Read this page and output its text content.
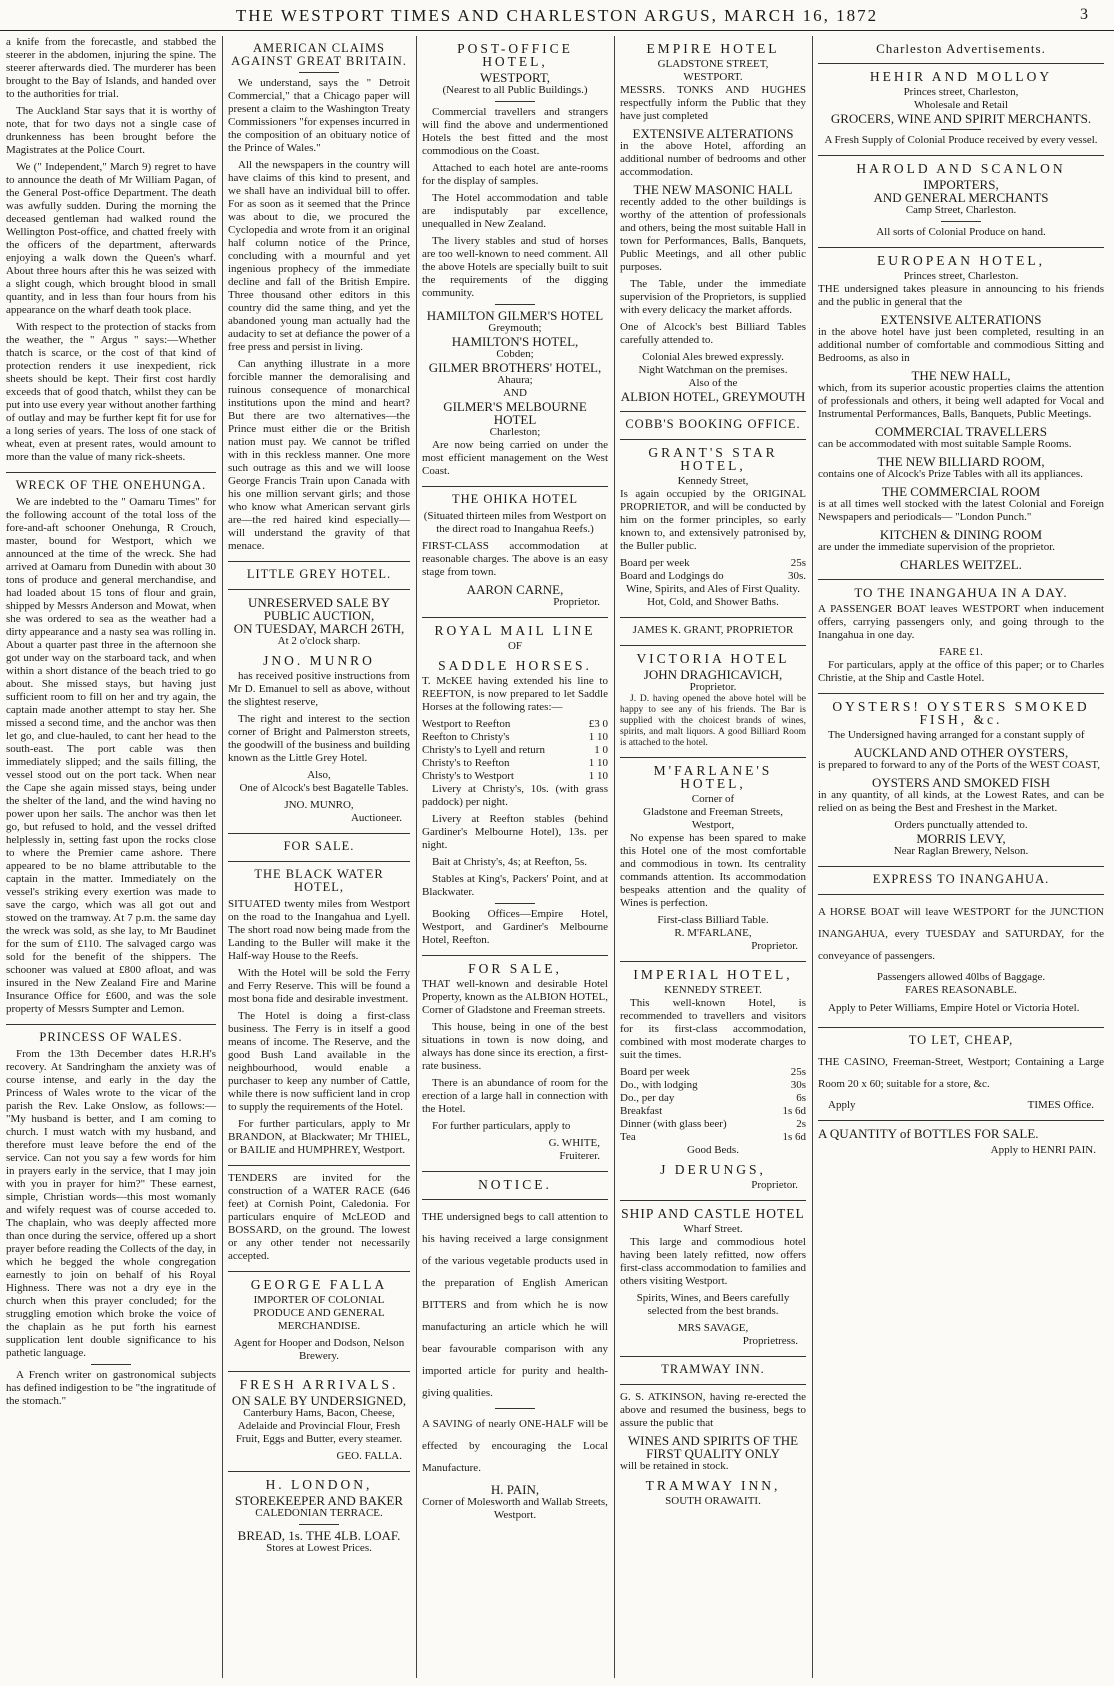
THE WESTPORT TIMES AND CHARLESTON ARGUS, MARCH 16, 1872	3

a knife from the forecastle, and stabbed the steerer in the abdomen, injuring the spine. The steerer afterwards died. The murderer has been brought to the Bay of Islands, and handed over to the authorities for trial.

The Auckland Star says that it is worthy of note, that for two days not a single case of drunkenness has been brought before the Magistrates at the Police Court.

We (" Independent," March 9) regret to have to announce the death of Mr William Pagan, of the General Post-office Department. The death was awfully sudden. During the morning the deceased gentleman had walked round the Wellington Post-office, and chatted freely with the officers of the department, afterwards enjoying a walk down the Queen's wharf. About three hours after this he was seized with a slight cough, which brought blood in small quantity, and in less than four hours from his appearance on the wharf death took place.

With respect to the protection of stacks from the weather, the " Argus " says:—Whether thatch is scarce, or the cost of that kind of protection renders it use inexpedient, rick sheets should be kept. Their first cost hardly exceeds that of good thatch, whilst they can be put into use every year without another farthing of outlay and may be further kept fit for use for a long series of years. The loss of one stack of wheat, even at present rates, would amount to more than the value of many rick-sheets.

WRECK OF THE ONEHUNGA.

We are indebted to the " Oamaru Times" for the following account of the total loss of the fore-and-aft schooner Onehunga, R Crouch, master, bound for Westport, which we announced at the time of the wreck. She had arrived at Oamaru from Dunedin with about 30 tons of produce and general merchandise, and had loaded about 15 tons of flour and grain, shipped by Messrs Anderson and Mowat, when she was ordered to sea as the weather had a dirty appearance and a nasty sea was rolling in. About a quarter past three in the afternoon she got under way on the starboard tack, and when within a short distance of the beach tried to go about. She missed stays, but having just sufficient room to fill on her and try again, the captain made another attempt to stay her. She missed a second time, and the anchor was then let go, and clue-hauled, to cant her head to the south-east. The port cable was then immediately slipped; and the sails filling, the vessel stood out on the port tack. When near the Cape she again missed stays, being under the shelter of the land, and the wind having no power upon her sails. The anchor was then let go, but refused to hold, and the vessel drifted helplessly in, setting fast upon the rocks close to where the Premier came ashore. There appeared to be no blame attributable to the captain in the matter. Immediately on the vessel's striking every exertion was made to save the cargo, which was all got out and stowed on the tramway. At 7 p.m. the same day the wreck was sold, as she lay, to Mr Baudinet for the sum of £110. The salvaged cargo was sold for the benefit of the shippers. The schooner was valued at £800 afloat, and was insured in the New Zealand Fire and Marine Insurance Office for £600, and was the sole property of Messrs Sumpter and Lemon.

PRINCESS OF WALES.

From the 13th December dates H.R.H's recovery. At Sandringham the anxiety was of course intense, and early in the day the Princess of Wales wrote to the vicar of the parish the Rev. Lake Onslow, as follows:— "My husband is better, and I am coming to church. I must watch with my husband, and therefore must leave before the end of the service. Can not you say a few words for him in prayers early in the service, that I may join with you in prayer for him?" These earnest, simple, Christian words—this most womanly and wifely request was of course acceded to. The chaplain, who was deeply affected more than once during the service, offered up a short prayer before reading the Collects of the day, in which he begged the whole congregation earnestly to join on behalf of his Royal Highness. There was not a dry eye in the church when this prayer concluded; for the struggling emotion which broke the voice of the chaplain as he put forth his earnest supplication lent double significance to his pathetic language.

A French writer on gastronomical subjects has defined indigestion to be "the ingratitude of the stomach."

AMERICAN CLAIMS AGAINST GREAT BRITAIN.

We understand, says the " Detroit Commercial," that a Chicago paper will present a claim to the Washington Treaty Commissioners "for expenses incurred in the composition of an obituary notice of the Prince of Wales."

All the newspapers in the country will have claims of this kind to present, and we shall have an individual bill to offer. For as soon as it seemed that the Prince was about to die, we procured the Cyclopedia and wrote from it an original half column notice of the Prince, concluding with a mournful and yet ingenious prophecy of the immediate decline and fall of the British Empire. Three thousand other editors in this country did the same thing, and yet the abandoned young man actually had the audacity to set at defiance the power of a free press and persist in living.

Can anything illustrate in a more forcible manner the demoralising and ruinous consequence of monarchical institutions upon the mind and heart? But there are two alternatives—the Prince must either die or the British nation must pay. We cannot be trifled with in this reckless manner. One more such outrage as this and we will loose George Francis Train upon Canada with his one million servant girls; and those who know what American servant girls are—the red haired kind especially—will understand the gravity of that menace.

LITTLE GREY HOTEL.
UNRESERVED SALE BY PUBLIC AUCTION,
ON TUESDAY, MARCH 26TH,
At 2 o'clock sharp.
JNO. MUNRO

has received positive instructions from Mr D. Emanuel to sell as above, without the slightest reserve,

The right and interest to the section corner of Bright and Palmerston streets, the goodwill of the business and building known as the Little Grey Hotel.

Also,

One of Alcock's best Bagatelle Tables.

JNO. MUNRO,
Auctioneer.
FOR SALE.
THE BLACK WATER HOTEL,

SITUATED twenty miles from Westport on the road to the Inangahua and Lyell. The short road now being made from the Landing to the Buller will make it the Half-way House to the Reefs.

With the Hotel will be sold the Ferry and Ferry Reserve. This will be found a most bona fide and desirable investment.

The Hotel is doing a first-class business. The Ferry is in itself a good means of income. The Reserve, and the good Bush Land available in the neighbourhood, would enable a purchaser to keep any number of Cattle, while there is now sufficient land in crop to supply the requirements of the Hotel.

For further particulars, apply to Mr BRANDON, at Blackwater; Mr THIEL, or BAILIE and HUMPHREY, Westport.

TENDERS are invited for the construction of a WATER RACE (646 feet) at Cornish Point, Caledonia. For particulars enquire of McLEOD and BOSSARD, on the ground. The lowest or any other tender not necessarily accepted.

GEORGE FALLA

IMPORTER OF COLONIAL PRODUCE AND GENERAL MERCHANDISE.

Agent for Hooper and Dodson, Nelson Brewery.

FRESH ARRIVALS.
ON SALE BY UNDERSIGNED,

Canterbury Hams, Bacon, Cheese, Adelaide and Provincial Flour, Fresh Fruit, Eggs and Butter, every steamer.

GEO. FALLA.
H. LONDON,
STOREKEEPER AND BAKER
CALEDONIAN TERRACE.
BREAD, 1s. THE 4LB. LOAF.
Stores at Lowest Prices.
POST-OFFICE HOTEL,
WESTPORT,
(Nearest to all Public Buildings.)

Commercial travellers and strangers will find the above and undermentioned Hotels the best fitted and the most commodious on the Coast.

Attached to each hotel are ante-rooms for the display of samples.

The Hotel accommodation and table are indisputably par excellence, unequalled in New Zealand.

The livery stables and stud of horses are too well-known to need comment. All the above Hotels are specially built to suit the requirements of the digging community.

HAMILTON GILMER'S HOTEL
Greymouth;
HAMILTON'S HOTEL,
Cobden;
GILMER BROTHERS' HOTEL,
Ahaura;
AND
GILMER'S MELBOURNE HOTEL
Charleston;

Are now being carried on under the most efficient management on the West Coast.

THE OHIKA HOTEL

(Situated thirteen miles from Westport on the direct road to Inangahua Reefs.)

FIRST-CLASS accommodation at reasonable charges. The above is an easy stage from town.

AARON CARNE,
Proprietor.
ROYAL MAIL LINE
OF
SADDLE HORSES.

T. McKEE having extended his line to REEFTON, is now prepared to let Saddle Horses at the following rates:—

Westport to Reefton	£3 0
Reefton to Christy's	1 10
Christy's to Lyell and return	1 0
Christy's to Reefton	1 10
Christy's to Westport	1 10

Livery at Christy's, 10s. (with grass paddock) per night.

Livery at Reefton stables (behind Gardiner's Melbourne Hotel), 13s. per night.

Bait at Christy's, 4s; at Reefton, 5s.

Stables at King's, Packers' Point, and at Blackwater.

Booking Offices—Empire Hotel, Westport, and Gardiner's Melbourne Hotel, Reefton.

FOR SALE,

THAT well-known and desirable Hotel Property, known as the ALBION HOTEL, Corner of Gladstone and Freeman streets.

This house, being in one of the best situations in town is now doing, and always has done since its erection, a first-rate business.

There is an abundance of room for the erection of a large hall in connection with the Hotel.

For further particulars, apply to

G. WHITE,
Fruiterer.
NOTICE.

THE undersigned begs to call attention to his having received a large consignment of the various vegetable products used in the preparation of English American BITTERS and from which he is now manufacturing an article which he will bear favourable comparison with any imported article for purity and health-giving qualities.

A SAVING of nearly ONE-HALF will be effected by encouraging the Local Manufacture.

H. PAIN,
Corner of Molesworth and Wallab Streets, Westport.
EMPIRE HOTEL
GLADSTONE STREET,
WESTPORT.

MESSRS. TONKS AND HUGHES respectfully inform the Public that they have just completed

EXTENSIVE ALTERATIONS

in the above Hotel, affording an additional number of bedrooms and other accommodation.

THE NEW MASONIC HALL

recently added to the other buildings is worthy of the attention of professionals and others, being the most suitable Hall in town for Performances, Balls, Banquets, Public Meetings, and all other public purposes.

The Table, under the immediate supervision of the Proprietors, is supplied with every delicacy the market affords.

One of Alcock's best Billiard Tables carefully attended to.

Colonial Ales brewed expressly.
Night Watchman on the premises.
Also of the
ALBION HOTEL, GREYMOUTH
COBB'S BOOKING OFFICE.
GRANT'S STAR HOTEL,
Kennedy Street,

Is again occupied by the ORIGINAL PROPRIETOR, and will be conducted by him on the former principles, so early known to, and extensively patronised by, the Buller public.

Board per week	25s
Board and Lodgings do	30s.
Wine, Spirits, and Ales of First Quality.
Hot, Cold, and Shower Baths.
JAMES K. GRANT, PROPRIETOR
VICTORIA HOTEL
JOHN DRAGHICAVICH,
Proprietor.

J. D. having opened the above hotel will be happy to see any of his friends. The Bar is supplied with the choicest brands of wines, spirits, and malt liquors. A good Billiard Room is attached to the hotel.

M'FARLANE'S HOTEL,
Corner of
Gladstone and Freeman Streets,
Westport,

No expense has been spared to make this Hotel one of the most comfortable and commodious in town. Its centrality commands attention. Its accommodation bespeaks attention and the quality of Wines is perfection.

First-class Billiard Table.
R. M'FARLANE,
Proprietor.
IMPERIAL HOTEL,
KENNEDY STREET.

This well-known Hotel, is recommended to travellers and visitors for its first-class accommodation, combined with most moderate charges to suit the times.

Board per week	25s
Do., with lodging	30s
Do., per day	6s
Breakfast	1s 6d
Dinner (with glass beer)	2s
Tea	1s 6d
Good Beds.
J DERUNGS,
Proprietor.
SHIP AND CASTLE HOTEL
Wharf Street.

This large and commodious hotel having been lately refitted, now offers first-class accommodation to families and others visiting Westport.

Spirits, Wines, and Beers carefully selected from the best brands.

MRS SAVAGE,
Proprietress.
TRAMWAY INN.

G. S. ATKINSON, having re-erected the above and resumed the business, begs to assure the public that

WINES AND SPIRITS OF THE FIRST QUALITY ONLY
will be retained in stock.
TRAMWAY INN,
SOUTH ORAWAITI.
Charleston Advertisements.
HEHIR AND MOLLOY
Princes street, Charleston,
Wholesale and Retail
GROCERS, WINE AND SPIRIT MERCHANTS.

A Fresh Supply of Colonial Produce received by every vessel.

HAROLD AND SCANLON
IMPORTERS,
AND GENERAL MERCHANTS
Camp Street, Charleston.
All sorts of Colonial Produce on hand.
EUROPEAN HOTEL,
Princes street, Charleston.

THE undersigned takes pleasure in announcing to his friends and the public in general that the

EXTENSIVE ALTERATIONS

in the above hotel have just been completed, resulting in an additional number of comfortable and commodious Sitting and Bedrooms, as also in

THE NEW HALL,

which, from its superior acoustic properties claims the attention of professionals and others, it being well adapted for Vocal and Instrumental Performances, Balls, Banquets, Public Meetings.

COMMERCIAL TRAVELLERS

can be accommodated with most suitable Sample Rooms.

THE NEW BILLIARD ROOM,

contains one of Alcock's Prize Tables with all its appliances.

THE COMMERCIAL ROOM

is at all times well stocked with the latest Colonial and Foreign Newspapers and periodicals— "London Punch."

KITCHEN & DINING ROOM

are under the immediate supervision of the proprietor.

CHARLES WEITZEL.
TO THE INANGAHUA IN A DAY.

A PASSENGER BOAT leaves WESTPORT when inducement offers, carrying passengers only, and going through to the Inangahua in one day.

FARE £1.

For particulars, apply at the office of this paper; or to Charles Christie, at the Ship and Castle Hotel.

OYSTERS! OYSTERS SMOKED FISH, &c.

The Undersigned having arranged for a constant supply of

AUCKLAND AND OTHER OYSTERS,

is prepared to forward to any of the Ports of the WEST COAST,

OYSTERS AND SMOKED FISH

in any quantity, of all kinds, at the Lowest Rates, and can be relied on as being the Best and Freshest in the Market.

Orders punctually attended to.
MORRIS LEVY,
Near Raglan Brewery, Nelson.
EXPRESS TO INANGAHUA.

A HORSE BOAT will leave WESTPORT for the JUNCTION INANGAHUA, every TUESDAY and SATURDAY, for the conveyance of passengers.

Passengers allowed 40lbs of Baggage.
FARES REASONABLE.

Apply to Peter Williams, Empire Hotel or Victoria Hotel.

TO LET, CHEAP,

THE CASINO, Freeman-Street, Westport; Containing a Large Room 20 x 60; suitable for a store, &c.

Apply	TIMES Office.

A QUANTITY of BOTTLES FOR SALE.

Apply to HENRI PAIN.
